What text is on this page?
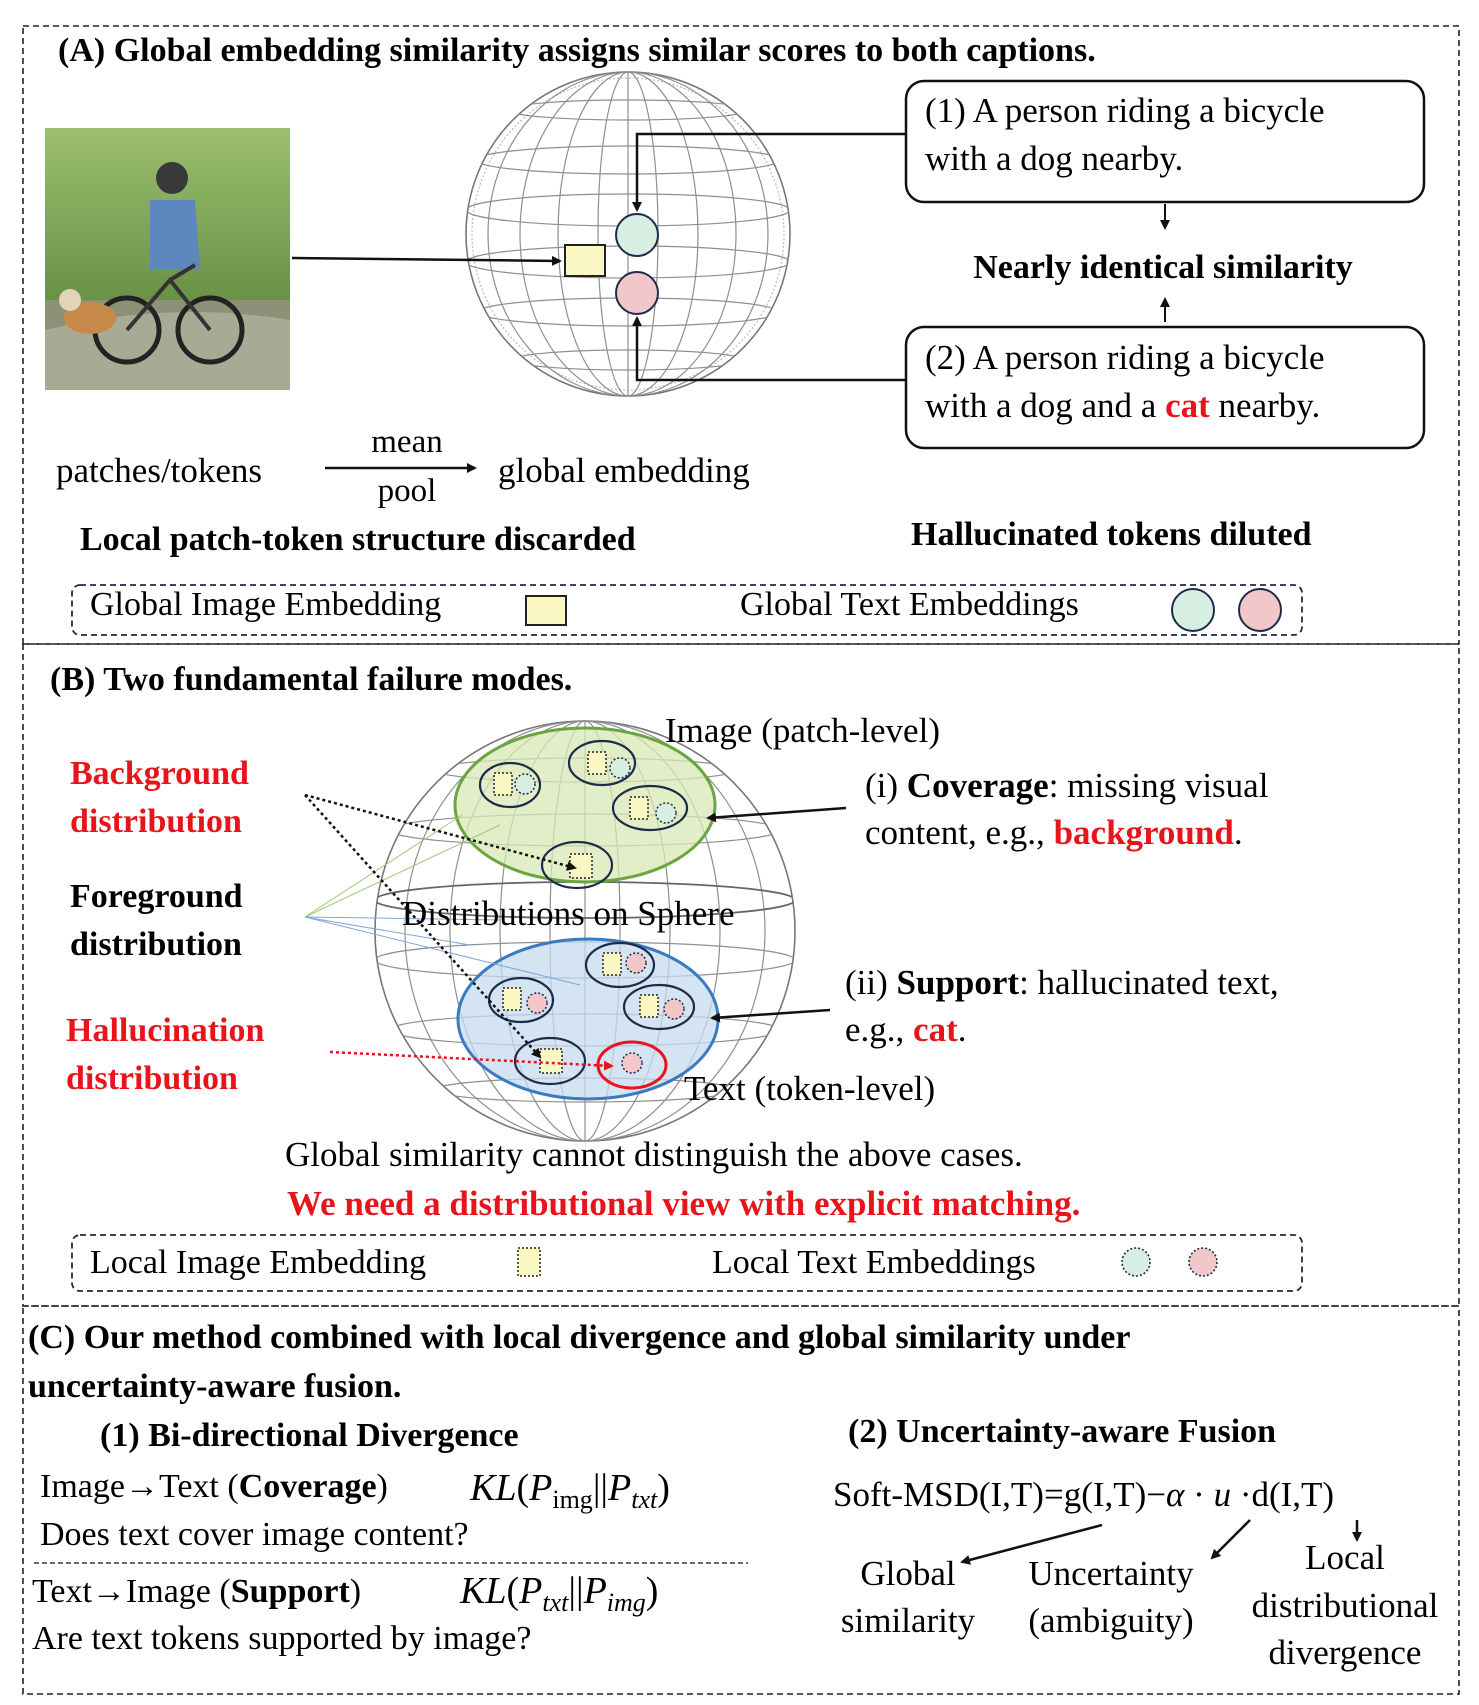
(A) Global embedding similarity assigns similar scores to both captions.
(1) A person riding a bicycle
with a dog nearby.
(2) A person riding a bicycle
with a dog and a cat nearby.
Nearly identical similarity
patches/tokens
mean
pool
global embedding
Local patch-token structure discarded	Hallucinated tokens diluted
Global Image Embedding	Global Text Embeddings
(B) Two fundamental failure modes.
Background
distribution
Foreground
distribution
Hallucination
distribution
Image (patch-level)
Distributions on Sphere
Text (token-level)
(i) Coverage: missing visual
content, e.g., background.
(ii) Support: hallucinated text,
e.g., cat.
Global similarity cannot distinguish the above cases.
We need a distributional view with explicit matching.
Local Image Embedding	Local Text Embeddings
(C) Our method combined with local divergence and global similarity under
uncertainty-aware fusion.
(1) Bi-directional Divergence	(2) Uncertainty-aware Fusion
Image→Text (Coverage) $KL(P_{img}||P_{txt})$
Does text cover image content?
Text→Image (Support)	$KL(P_{txt}||P_{img})$
Are text tokens supported by image?
Soft-MSD(I,T)=g(I,T)−α · u ·d(I,T)
Global
similarity
Uncertainty
(ambiguity)
Local
distributional
divergence
